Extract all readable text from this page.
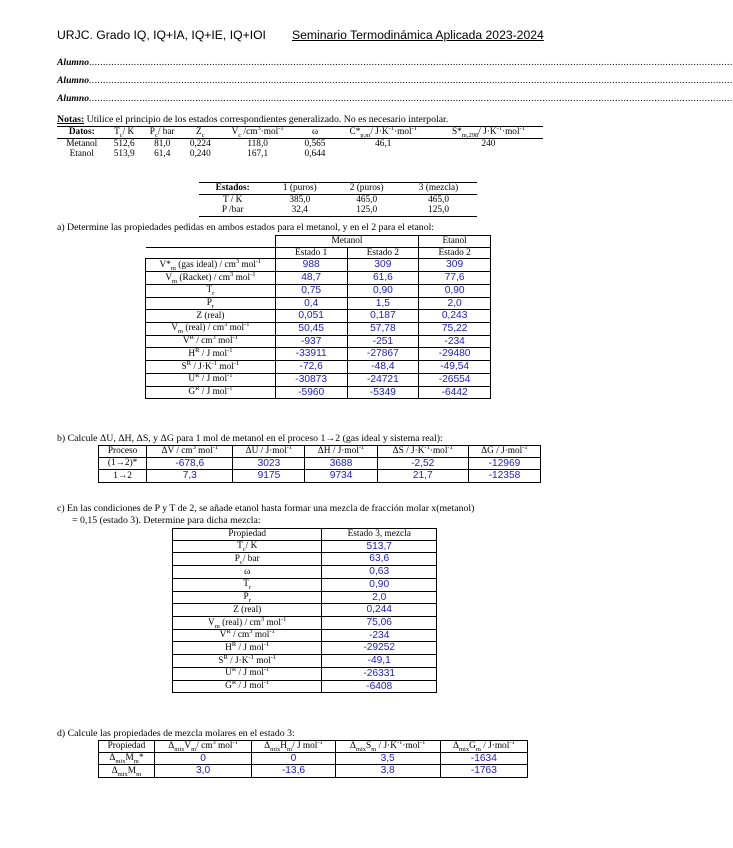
URJC. Grado IQ, IQ+IA, IQ+IE, IQ+IOI Seminario Termodinámica Aplicada 2023-2024
Alumno......................................................................................................................................................................................................................................
Alumno......................................................................................................................................................................................................................................
Alumno......................................................................................................................................................................................................................................
Notas: Utilice el principio de los estados correspondientes generalizado. No es necesario interpolar.
Datos:	$T_c/$ K	$P_c/$ bar	$Z_c$	$V_c$ $/cm^3\cdot mol^{-1}$	ω	$C*_{p,m}/$ $J\cdot K^{-1}\cdot mol^{-1}$	$S*_{m,298}/$ $J\cdot K^{-1}\cdot mol^{-1}$
Metanol	512,6	81,0	0,224	118,0	0,565	46,1	240
Etanol	513,9	61,4	0,240	167,1	0,644		
Estados:	1 (puros)	2 (puros)	3 (mezcla)
T / K	385,0	465,0	465,0
P /bar	32,4	125,0	125,0
a) Determine las propiedades pedidas en ambos estados para el metanol, y en el 2 para el etanol:
	Metanol		Etanol
	Estado 1	Estado 2	Estado 2
$V*_m$ (gas ideal) / $cm^3$ mol$^{-1}$	988	309	309
$V_m$ (Racket) / $cm^3$ mol$^{-1}$	48,7	61,6	77,6
$T_r$	0,75	0,90	0,90
$P_r$	0,4	1,5	2,0
Z (real)	0,051	0,187	0,243
$V_m$ (real) / $cm^3$ mol$^{-1}$	50,45	57,78	75,22
$V^R / cm^3$ mol$^{-1}$	-937	-251	-234
$H^R$ / J mol$^{-1}$	-33911	-27867	-29480
$S^R / J\cdot K^{-1}$ mol$^{-1}$	-72,6	-48,4	-49,54
$U^R$ / J mol$^{-1}$	-30873	-24721	-26554
$G^R$ / J mol$^{-1}$	-5960	-5349	-6442
b) Calcule ΔU, ΔH, ΔS, y ΔG para 1 mol de metanol en el proceso 1→2 (gas ideal y sistema real):
Proceso	ΔV / $cm^3$ mol$^{-1}$	ΔU / J·mol$^{-1}$	ΔH / J·mol$^{-1}$	$\Delta S / J\cdot K^{-1}\cdot mol^{-1}$	ΔG / J·mol$^{-1}$
(1→2)*	-678,6	3023	3688	-2,52	-12969
1→2	7,3	9175	9734	21,7	-12358
c) En las condiciones de P y T de 2, se añade etanol hasta formar una mezcla de fracción molar x(metanol)
= 0,15 (estado 3). Determine para dicha mezcla:
Propiedad	Estado 3, mezcla
$T_c/$ K	513,7
$P_c/$ bar	63,6
ω	0,63
$T_r$	0,90
$P_r$	2,0
Z (real)	0,244
$V_m$ (real) / $cm^3$ mol$^{-1}$	75,06
$V^R / cm^3$ mol$^{-1}$	-234
$H^R$ / J mol$^{-1}$	-29252
$S^R / J\cdot K^{-1}$ mol$^{-1}$	-49,1
$U^R$ / J mol$^{-1}$	-26331
$G^R$ / J mol$^{-1}$	-6408
d) Calcule las propiedades de mezcla molares en el estado 3:
Propiedad	$\Delta_{mix}V_m/$ $cm^3$ mol$^{-1}$	$\Delta_{mix}H_m/$ J mol$^{-1}$	$\Delta_{mix}S_m / J\cdot K^{-1}\cdot mol^{-1}$	$\Delta_{mix}G_m / J\cdot mol^{-1}$
$\Delta_{mix}M_m*$	0	0	3,5	-1634
$\Delta_{mix}M_m$	3,0	-13,6	3,8	-1763
